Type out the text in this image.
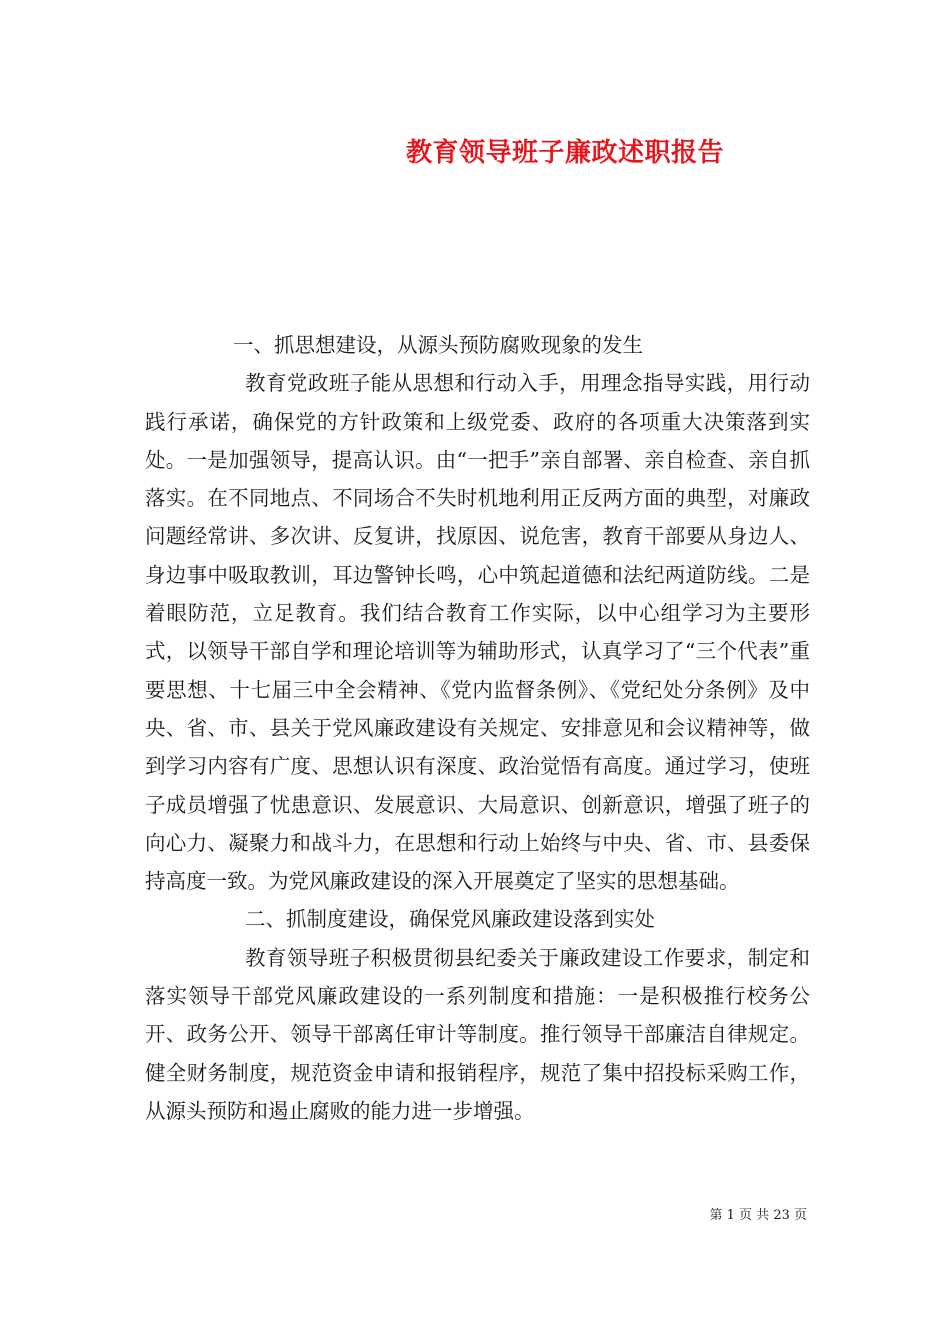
教育领导班子廉政述职报告

一、抓思想建设，从源头预防腐败现象的发生

教育党政班子能从思想和行动入手，用理念指导实践，用行动践行承诺，确保党的方针政策和上级党委、政府的各项重大决策落到实处。一是加强领导，提高认识。由“一把手”亲自部署、亲自检查、亲自抓落实。在不同地点、不同场合不失时机地利用正反两方面的典型，对廉政问题经常讲、多次讲、反复讲，找原因、说危害，教育干部要从身边人、身边事中吸取教训，耳边警钟长鸣，心中筑起道德和法纪两道防线。二是着眼防范，立足教育。我们结合教育工作实际，以中心组学习为主要形式，以领导干部自学和理论培训等为辅助形式，认真学习了“三个代表”重要思想、十七届三中全会精神、《党内监督条例》、《党纪处分条例》及中央、省、市、县关于党风廉政建设有关规定、安排意见和会议精神等，做到学习内容有广度、思想认识有深度、政治觉悟有高度。通过学习，使班子成员增强了忧患意识、发展意识、大局意识、创新意识，增强了班子的向心力、凝聚力和战斗力，在思想和行动上始终与中央、省、市、县委保持高度一致。为党风廉政建设的深入开展奠定了坚实的思想基础。

二、抓制度建设，确保党风廉政建设落到实处

教育领导班子积极贯彻县纪委关于廉政建设工作要求，制定和落实领导干部党风廉政建设的一系列制度和措施：一是积极推行校务公开、政务公开、领导干部离任审计等制度。推行领导干部廉洁自律规定。健全财务制度，规范资金申请和报销程序，规范了集中招投标采购工作，从源头预防和遏止腐败的能力进一步增强。

第 1 页 共 23 页
